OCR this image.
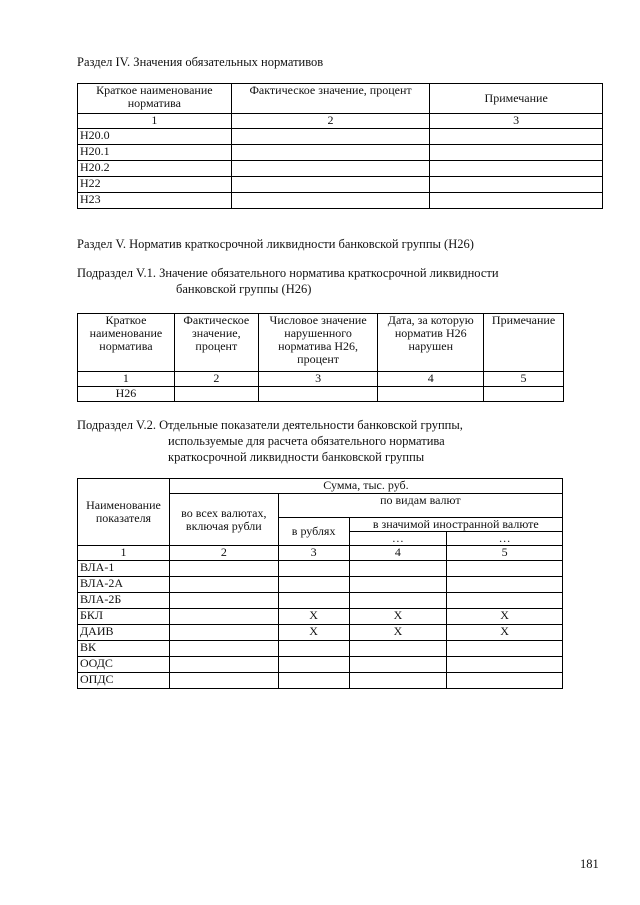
Раздел IV. Значения обязательных нормативов
Краткое наименование норматива	Фактическое значение, процент	Примечание
1	2	3
Н20.0		
Н20.1		
Н20.2		
Н22		
Н23		
Раздел V. Норматив краткосрочной ликвидности банковской группы (Н26)
Подраздел V.1. Значение обязательного норматива краткосрочной ликвидности
банковской группы (Н26)
Краткое наименование норматива	Фактическое значение, процент	Числовое значение нарушенного норматива Н26, процент	Дата, за которую норматив Н26 нарушен	Примечание
1	2	3	4	5
Н26				
Подраздел V.2. Отдельные показатели деятельности банковской группы,
используемые для расчета обязательного норматива
краткосрочной ликвидности банковской группы
Наименование показателя	Сумма, тыс. руб.			
	во всех валютах, включая рубли	по видам валют		
		в рублях	в значимой иностранной валюте	
			…	…
1	2	3	4	5
ВЛА-1				
ВЛА-2А				
ВЛА-2Б				
БКЛ		Х	Х	Х
ДАИВ		Х	Х	Х
ВК				
ООДС				
ОПДС				
181
